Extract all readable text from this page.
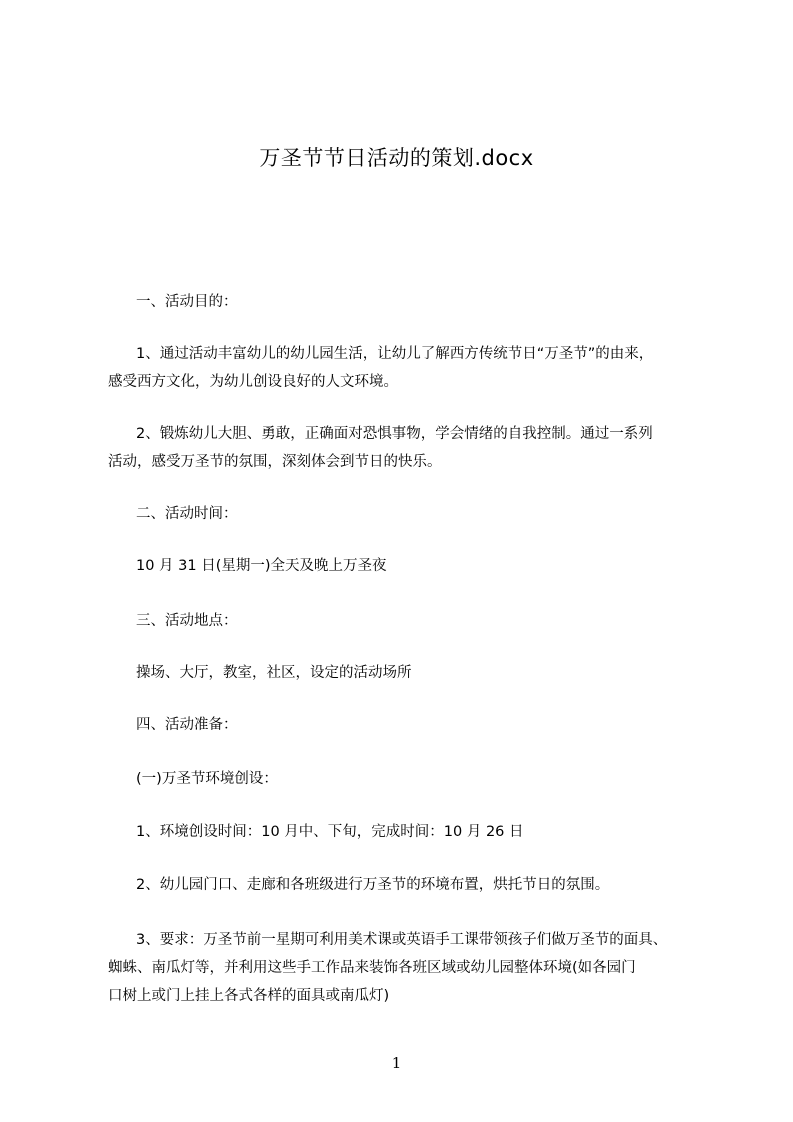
万圣节节日活动的策划.docx
一、活动目的：
1、通过活动丰富幼儿的幼儿园生活，让幼儿了解西方传统节日“万圣节”的由来，
感受西方文化，为幼儿创设良好的人文环境。
2、锻炼幼儿大胆、勇敢，正确面对恐惧事物，学会情绪的自我控制。通过一系列
活动，感受万圣节的氛围，深刻体会到节日的快乐。
二、活动时间：
10 月 31 日(星期一)全天及晚上万圣夜
三、活动地点：
操场、大厅，教室，社区，设定的活动场所
四、活动准备：
(一)万圣节环境创设：
1、环境创设时间：10 月中、下旬，完成时间：10 月 26 日
2、幼儿园门口、走廊和各班级进行万圣节的环境布置，烘托节日的氛围。
3、要求：万圣节前一星期可利用美术课或英语手工课带领孩子们做万圣节的面具、
蜘蛛、南瓜灯等，并利用这些手工作品来装饰各班区域或幼儿园整体环境(如各园门
口树上或门上挂上各式各样的面具或南瓜灯)
1
